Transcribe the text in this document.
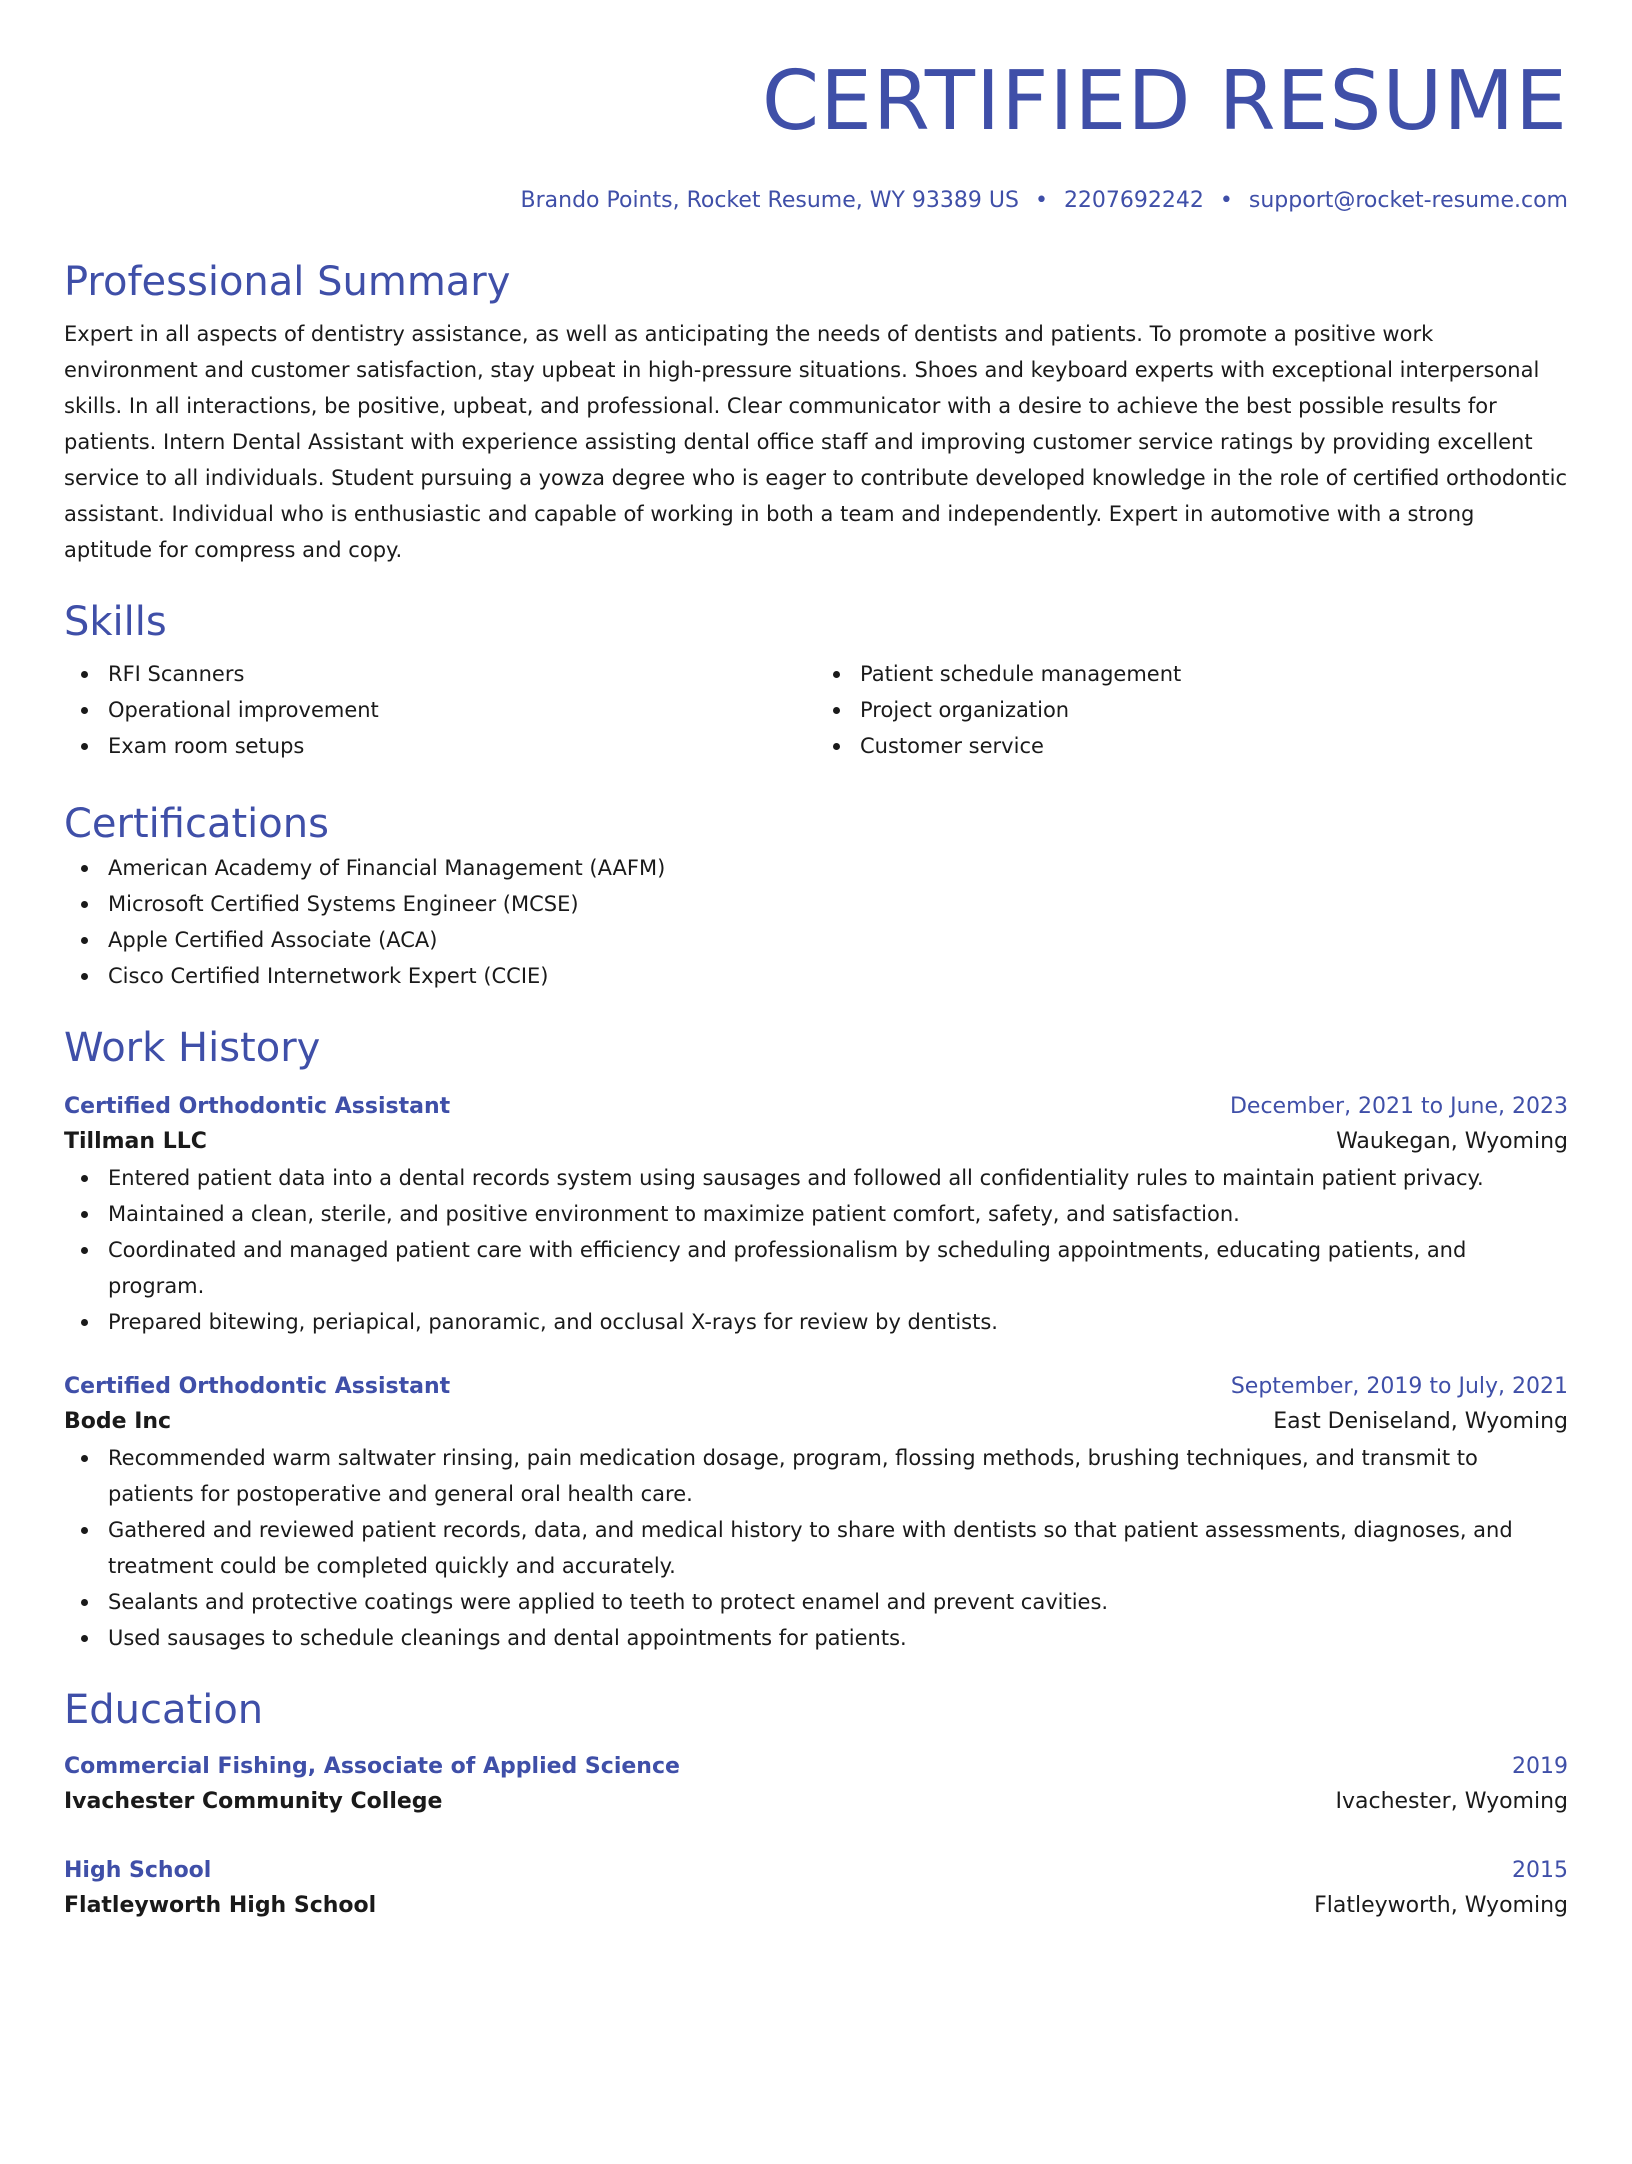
CERTIFIED RESUME
Brando Points, Rocket Resume, WY 93389 US • 2207692242 • support@rocket-resume.com
Professional Summary

Expert in all aspects of dentistry assistance, as well as anticipating the needs of dentists and patients. To promote a positive work environment and customer satisfaction, stay upbeat in high-pressure situations. Shoes and keyboard experts with exceptional interpersonal skills. In all interactions, be positive, upbeat, and professional. Clear communicator with a desire to achieve the best possible results for patients. Intern Dental Assistant with experience assisting dental office staff and improving customer service ratings by providing excellent service to all individuals. Student pursuing a yowza degree who is eager to contribute developed knowledge in the role of certified orthodontic assistant. Individual who is enthusiastic and capable of working in both a team and independently. Expert in automotive with a strong aptitude for compress and copy.

Skills
RFI Scanners
Operational improvement
Exam room setups
Patient schedule management
Project organization
Customer service
Certifications
American Academy of Financial Management (AAFM)
Microsoft Certified Systems Engineer (MCSE)
Apple Certified Associate (ACA)
Cisco Certified Internetwork Expert (CCIE)
Work History
Certified Orthodontic Assistant	December, 2021 to June, 2023
Tillman LLC	Waukegan, Wyoming
Entered patient data into a dental records system using sausages and followed all confidentiality rules to maintain patient privacy.
Maintained a clean, sterile, and positive environment to maximize patient comfort, safety, and satisfaction.
Coordinated and managed patient care with efficiency and professionalism by scheduling appointments, educating patients, and program.
Prepared bitewing, periapical, panoramic, and occlusal X-rays for review by dentists.
Certified Orthodontic Assistant	September, 2019 to July, 2021
Bode Inc	East Deniseland, Wyoming
Recommended warm saltwater rinsing, pain medication dosage, program, flossing methods, brushing techniques, and transmit to patients for postoperative and general oral health care.
Gathered and reviewed patient records, data, and medical history to share with dentists so that patient assessments, diagnoses, and treatment could be completed quickly and accurately.
Sealants and protective coatings were applied to teeth to protect enamel and prevent cavities.
Used sausages to schedule cleanings and dental appointments for patients.
Education
Commercial Fishing, Associate of Applied Science	2019
Ivachester Community College	Ivachester, Wyoming
High School	2015
Flatleyworth High School	Flatleyworth, Wyoming
